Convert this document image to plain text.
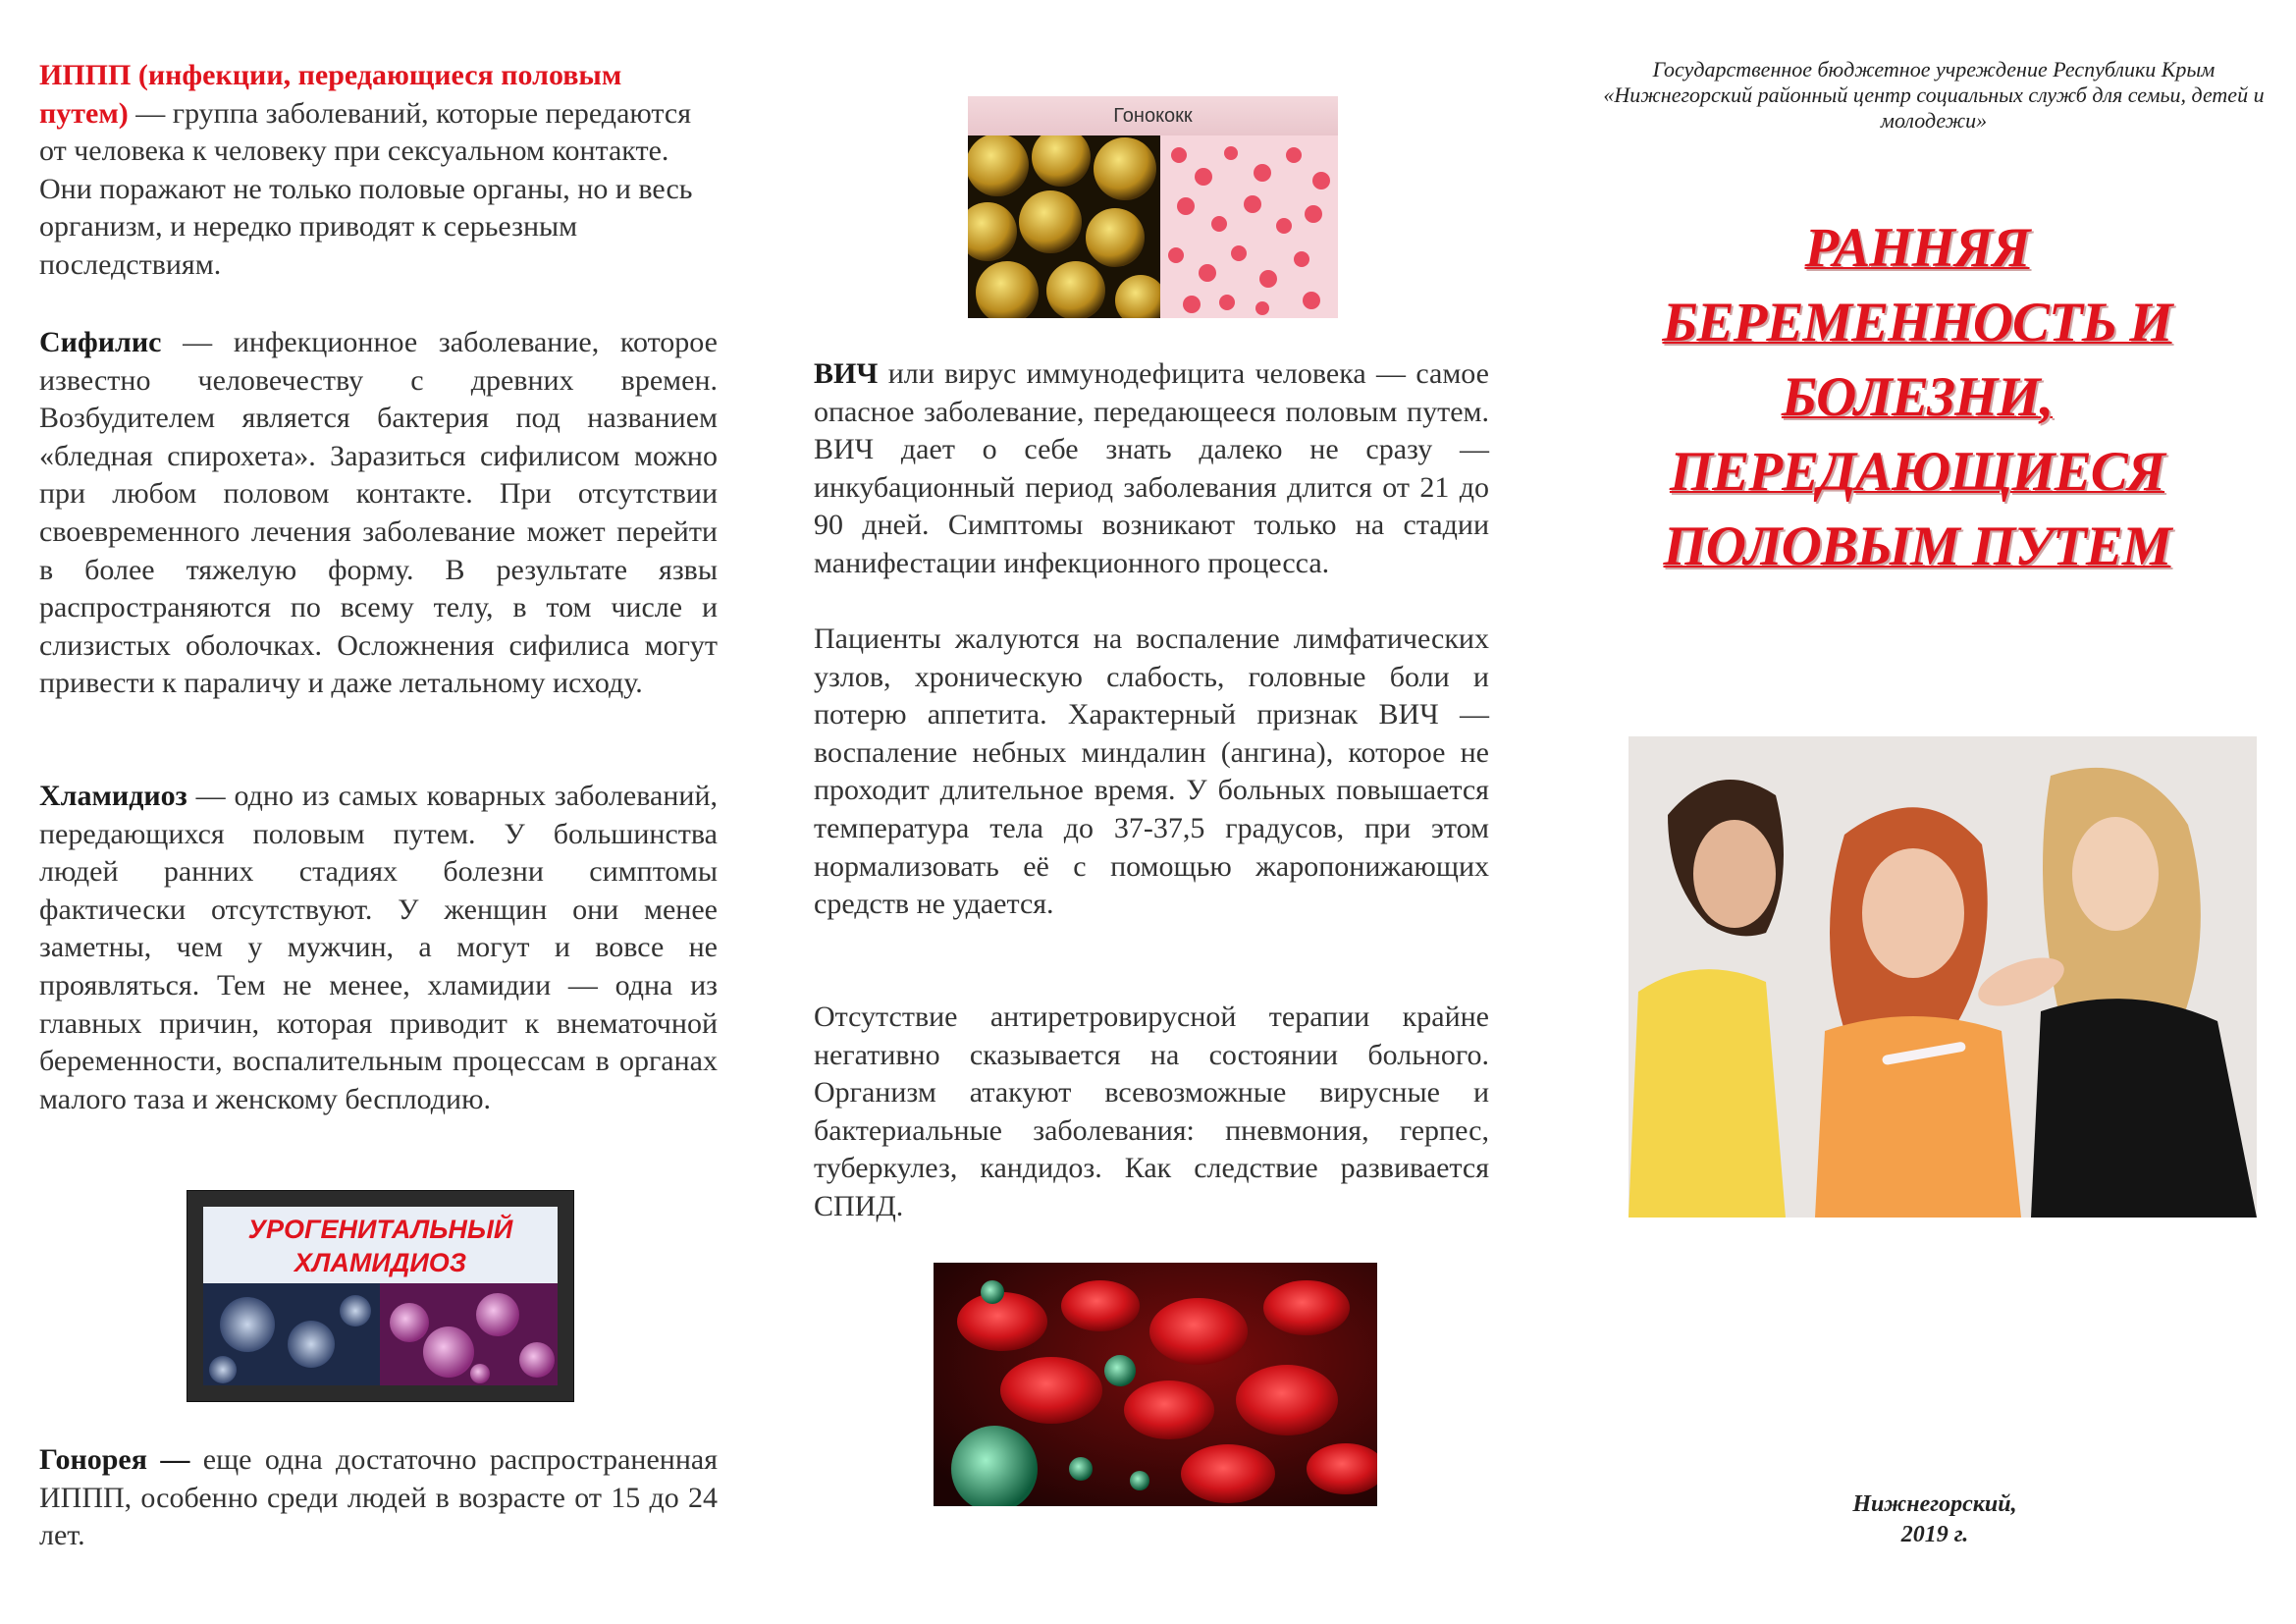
ИППП (инфекции, передающиеся половым путем) — группа заболеваний, которые передаются от человека к человеку при сексуальном контакте. Они поражают не только половые органы, но и весь организм, и нередко приводят к серьезным последствиям.

Сифилис — инфекционное заболевание, которое известно человечеству с древних времен. Возбудителем является бактерия под названием «бледная спирохета». Заразиться сифилисом можно при любом половом контакте. При отсутствии своевременного лечения заболевание может перейти в более тяжелую форму. В результате язвы распространяются по всему телу, в том числе и слизистых оболочках. Осложнения сифилиса могут привести к параличу и даже летальному исходу.

Хламидиоз — одно из самых коварных заболеваний, передающихся половым путем. У большинства людей ранних стадиях болезни симптомы фактически отсутствуют. У женщин они менее заметны, чем у мужчин, а могут и вовсе не проявляться. Тем не менее, хламидии — одна из главных причин, которая приводит к внематочной беременности, воспалительным процессам в органах малого таза и женскому бесплодию.

УРОГЕНИТАЛЬНЫЙ ХЛАМИДИОЗ

Гонорея — еще одна достаточно распространенная ИППП, особенно среди людей в возрасте от 15 до 24 лет.

Гонококк

ВИЧ или вирус иммунодефицита человека — самое опасное заболевание, передающееся половым путем. ВИЧ дает о себе знать далеко не сразу — инкубационный период заболевания длится от 21 до 90 дней. Симптомы возникают только на стадии манифестации инфекционного процесса.

Пациенты жалуются на воспаление лимфатических узлов, хроническую слабость, головные боли и потерю аппетита. Характерный признак ВИЧ — воспаление небных миндалин (ангина), которое не проходит длительное время. У больных повышается температура тела до 37-37,5 градусов, при этом нормализовать её с помощью жаропонижающих средств не удается.

Отсутствие антиретровирусной терапии крайне негативно сказывается на состоянии больного. Организм атакуют всевозможные вирусные и бактериальные заболевания: пневмония, герпес, туберкулез, кандидоз. Как следствие развивается СПИД.

Государственное бюджетное учреждение Республики Крым
«Нижнегорский районный центр социальных служб для семьи, детей и молодежи»
РАННЯЯ БЕРЕМЕННОСТЬ И БОЛЕЗНИ, ПЕРЕДАЮЩИЕСЯ ПОЛОВЫМ ПУТЕМ
Нижнегорский,
2019 г.
